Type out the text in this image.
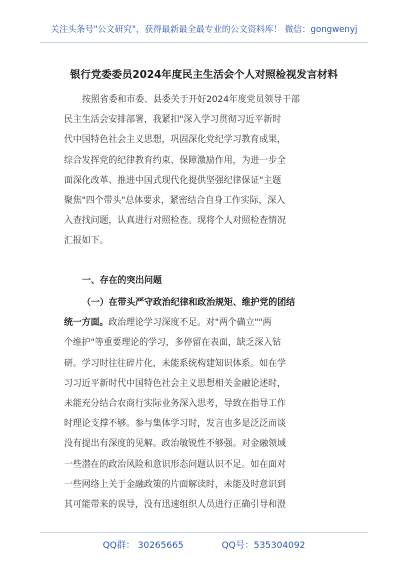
关注头条号"公文研究"，获得最新最全最专业的公文资料库！ 微信：gongwenyj
银行党委委员2024年度民主生活会个人对照检视发言材料
按照省委和市委、县委关于开好2024年度党员领导干部
民主生活会安排部署，我紧扣"深入学习贯彻习近平新时
代中国特色社会主义思想，巩固深化党纪学习教育成果，
综合发挥党的纪律教育约束、保障激励作用，为进一步全
面深化改革、推进中国式现代化提供坚强纪律保证"主题
聚焦"四个带头"总体要求，紧密结合自身工作实际，深入
入查找问题，认真进行对照检查。现将个人对照检查情况
汇报如下。
一、存在的突出问题
（一）在带头严守政治纪律和政治规矩、维护党的团结
统一方面。政治理论学习深度不足。对"两个确立""两
个维护"等重要理论的学习，多停留在表面，缺乏深入钻
研。学习时往往碎片化，未能系统构建知识体系。如在学
习习近平新时代中国特色社会主义思想相关金融论述时，
未能充分结合农商行实际业务深入思考，导致在指导工作
时理论支撑不够。参与集体学习时，发言也多是泛泛而谈
没有提出有深度的见解。政治敏锐性不够强。对金融领域
一些潜在的政治风险和意识形态问题认识不足。如在面对
一些网络上关于金融政策的片面解读时，未能及时意识到
其可能带来的误导，没有迅速组织人员进行正确引导和澄
QQ群： 30265665	QQ号：535304092
